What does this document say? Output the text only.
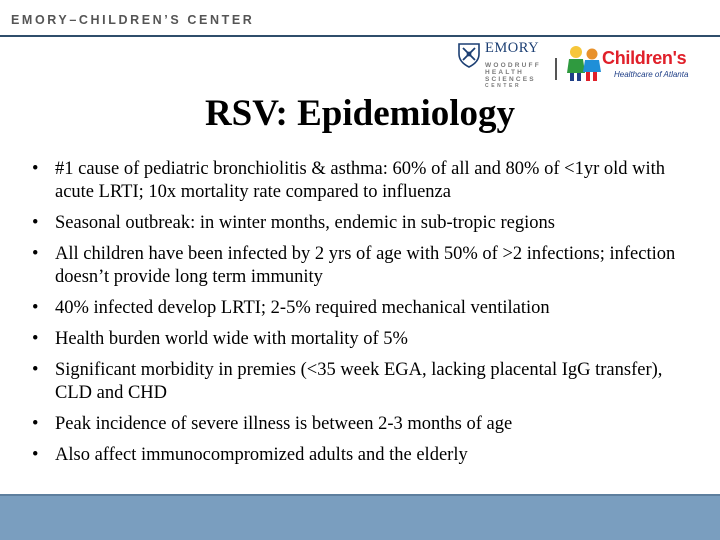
EMORY–CHILDREN’S CENTER
EMORY
WOODRUFF
HEALTH
SCIENCES
CENTER
Children's
Healthcare of Atlanta
RSV: Epidemiology
• #1 cause of pediatric bronchiolitis & asthma: 60% of all and 80% of <1yr old with acute LRTI; 10x mortality rate compared to influenza
• Seasonal outbreak: in winter months, endemic in sub-tropic regions
• All children have been infected by 2 yrs of age with 50% of >2 infections; infection doesn’t provide long term immunity
• 40% infected develop LRTI; 2-5% required mechanical ventilation
• Health burden world wide with mortality of 5%
• Significant morbidity in premies (<35 week EGA, lacking placental IgG transfer), CLD and CHD
• Peak incidence of severe illness is between 2-3 months of age
• Also affect immunocompromized adults and the elderly
